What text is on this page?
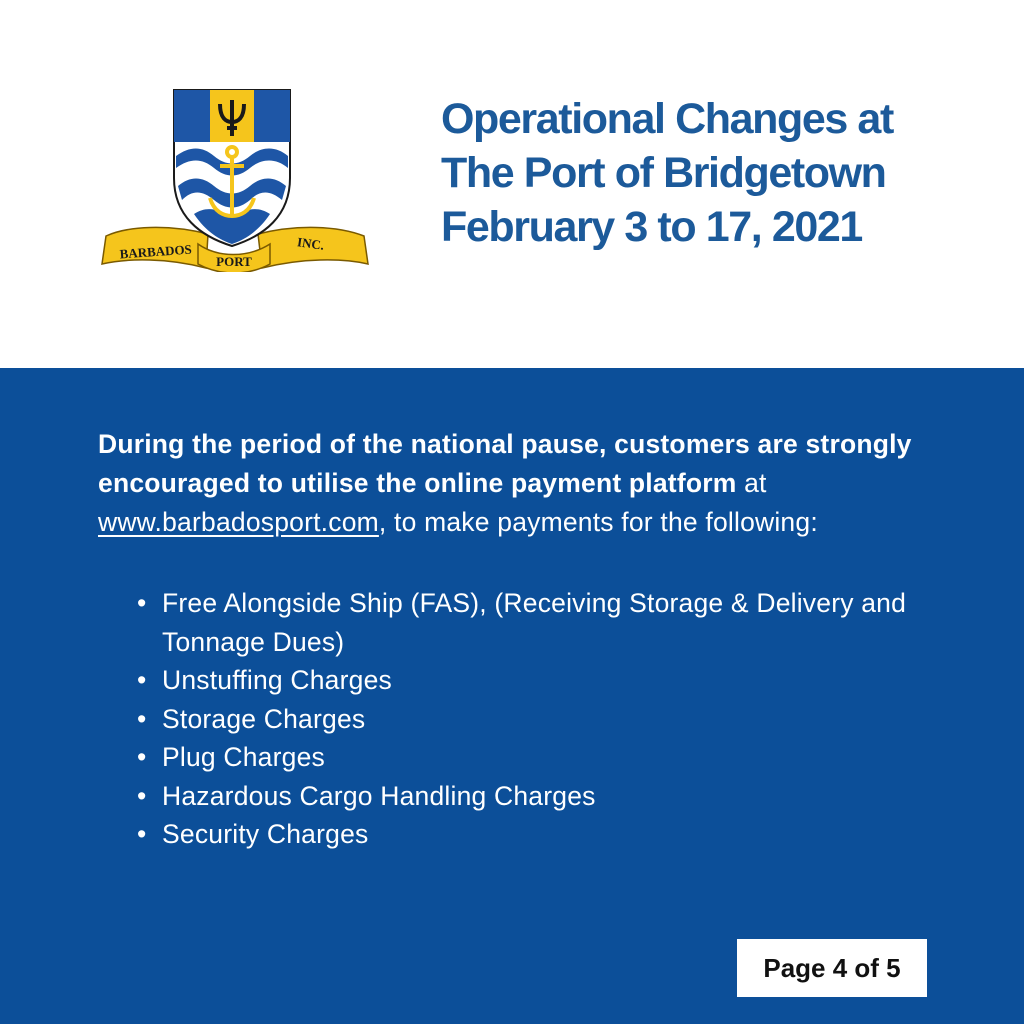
BARBADOS PORT
INC.
Operational Changes at
The Port of Bridgetown
February 3 to 17, 2021
During the period of the national pause, customers are strongly encouraged to utilise the online payment platform at www.barbadosport.com, to make payments for the following:
• Free Alongside Ship (FAS), (Receiving Storage & Delivery and Tonnage Dues)
• Unstuffing Charges
• Storage Charges
• Plug Charges
• Hazardous Cargo Handling Charges
• Security Charges
Page 4 of 5
